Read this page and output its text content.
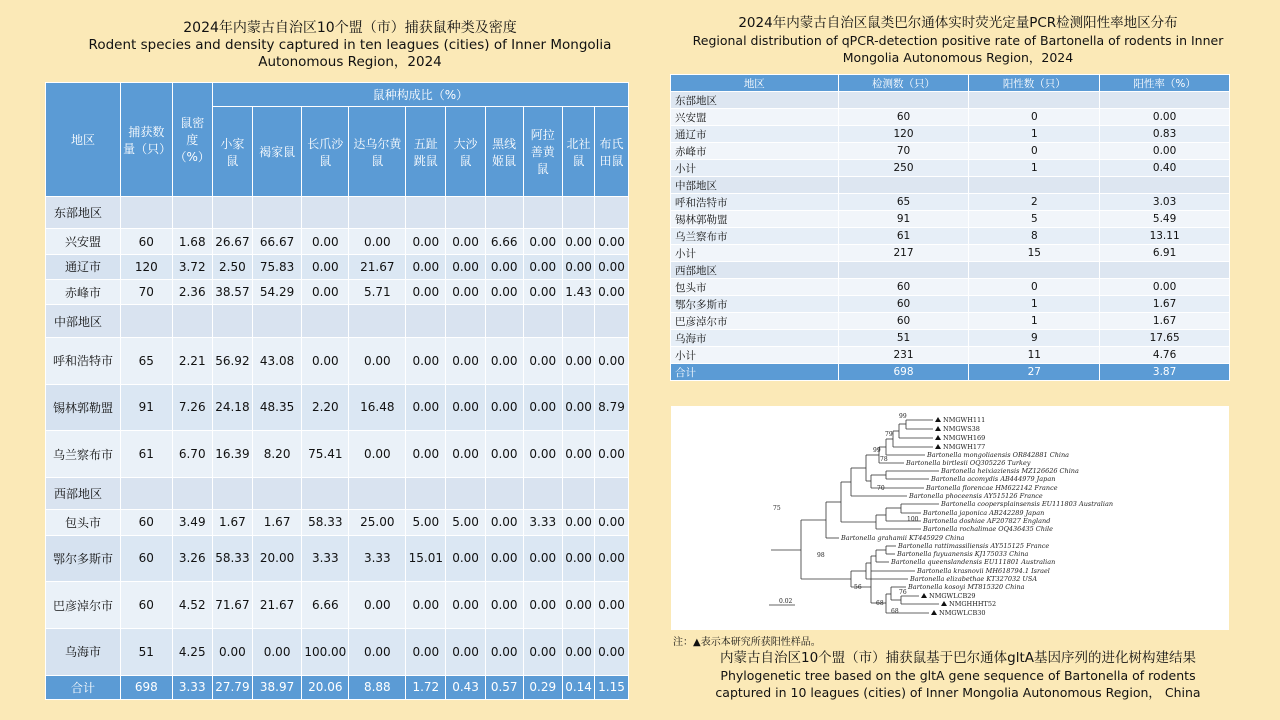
2024年内蒙古自治区10个盟（市）捕获鼠种类及密度
Rodent species and density captured in ten leagues (cities) of Inner Mongolia Autonomous Region，2024
地区	捕获数量（只）	鼠密度（%）	鼠种构成比（%）									
			小家鼠	褐家鼠	长爪沙鼠	达乌尔黄鼠	五趾跳鼠	大沙鼠	黑线姬鼠	阿拉善黄鼠	北社鼠	布氏田鼠
东部地区												
兴安盟	60	1.68	26.67	66.67	0.00	0.00	0.00	0.00	6.66	0.00	0.00	0.00
通辽市	120	3.72	2.50	75.83	0.00	21.67	0.00	0.00	0.00	0.00	0.00	0.00
赤峰市	70	2.36	38.57	54.29	0.00	5.71	0.00	0.00	0.00	0.00	1.43	0.00
中部地区												
呼和浩特市	65	2.21	56.92	43.08	0.00	0.00	0.00	0.00	0.00	0.00	0.00	0.00
锡林郭勒盟	91	7.26	24.18	48.35	2.20	16.48	0.00	0.00	0.00	0.00	0.00	8.79
乌兰察布市	61	6.70	16.39	8.20	75.41	0.00	0.00	0.00	0.00	0.00	0.00	0.00
西部地区												
包头市	60	3.49	1.67	1.67	58.33	25.00	5.00	5.00	0.00	3.33	0.00	0.00
鄂尔多斯市	60	3.26	58.33	20.00	3.33	3.33	15.01	0.00	0.00	0.00	0.00	0.00
巴彦淖尔市	60	4.52	71.67	21.67	6.66	0.00	0.00	0.00	0.00	0.00	0.00	0.00
乌海市	51	4.25	0.00	0.00	100.00	0.00	0.00	0.00	0.00	0.00	0.00	0.00
合计	698	3.33	27.79	38.97	20.06	8.88	1.72	0.43	0.57	0.29	0.14	1.15
2024年内蒙古自治区鼠类巴尔通体实时荧光定量PCR检测阳性率地区分布
Regional distribution of qPCR-detection positive rate of Bartonella of rodents in Inner Mongolia Autonomous Region，2024
地区	检测数（只）	阳性数（只）	阳性率（%）
东部地区			
兴安盟	60	0	0.00
通辽市	120	1	0.83
赤峰市	70	0	0.00
小计	250	1	0.40
中部地区			
呼和浩特市	65	2	3.03
锡林郭勒盟	91	5	5.49
乌兰察布市	61	8	13.11
小计	217	15	6.91
西部地区			
包头市	60	0	0.00
鄂尔多斯市	60	1	1.67
巴彦淖尔市	60	1	1.67
乌海市	51	9	17.65
小计	231	11	4.76
合计	698	27	3.87
NMGWH111
NMGWS38
NMGWH169
NMGWH177
Bartonella mongoliaensis OR842881 China
Bartonella birtlesii OQ305226 Turkey
Bartonella heixiaziensis MZ126626 China
Bartonella acomydis AB444979 Japan
Bartonella florencae HM622142 France
Bartonella phoceensis AY515126 France
Bartonella coopersplainsensis EU111803 Australian
Bartonella japonica AB242289 Japan
Bartonella doshiae AF207827 England
Bartonella rochalimae OQ436435 Chile
Bartonella grahamii KT445929 China
Bartonella rattimassiliensis AY515125 France
Bartonella fuyuanensis KJ175033 China
Bartonella queenslandensis EU111801 Australian
Bartonella krasnovii MH618794.1 Israel
Bartonella elizabethae KT327032 USA
Bartonella kosoyi MT815320 China
NMGWLCB29
NMGHHHT52
NMGWLCB30
99
79
99
78
70
75
100
98
56
76
68
68
0.02
注：▲表示本研究所获阳性样品。
内蒙古自治区10个盟（市）捕获鼠基于巴尔通体gltA基因序列的进化树构建结果
Phylogenetic tree based on the gltA gene sequence of Bartonella of rodents captured in 10 leagues (cities) of Inner Mongolia Autonomous Region， China
